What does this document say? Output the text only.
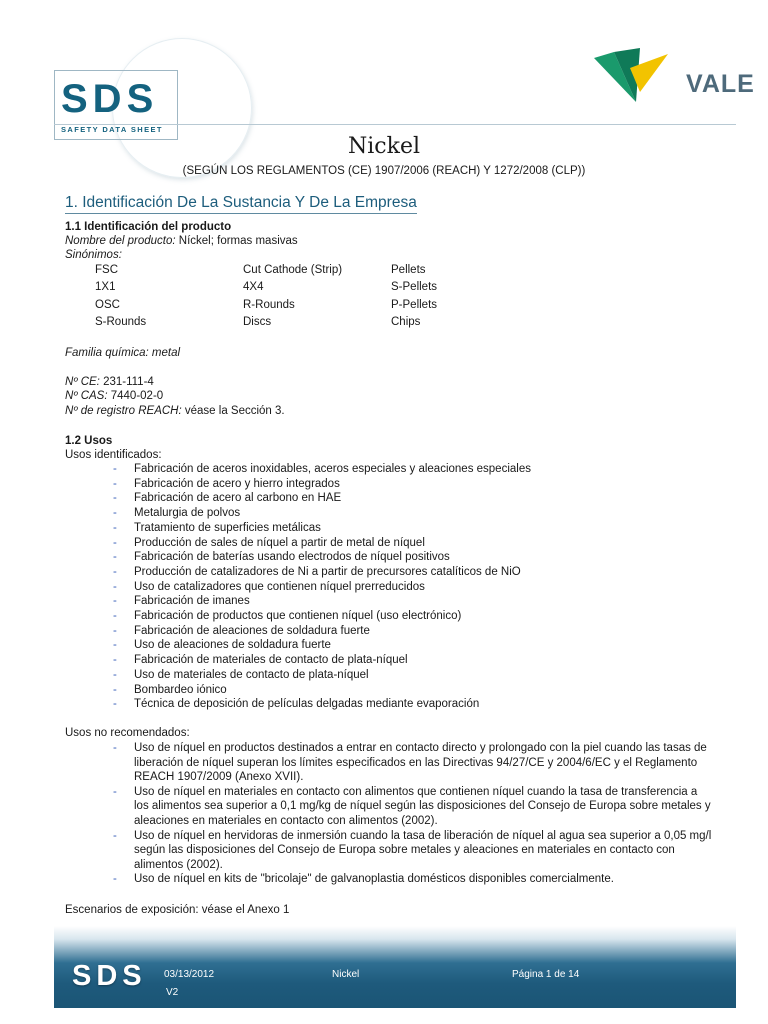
SDS
SAFETY DATA SHEET
VALE
Nickel
(SEGÚN LOS REGLAMENTOS (CE) 1907/2006 (REACH) Y 1272/2008 (CLP))
1. Identificación De La Sustancia Y De La Empresa
1.1 Identificación del producto
Nombre del producto: Níckel; formas masivas
Sinónimos:
FSC	Cut Cathode (Strip)	Pellets
1X1	4X4	S-Pellets
OSC	R-Rounds	P-Pellets
S-Rounds	Discs	Chips
Familia química: metal
Nº CE: 231-111-4
Nº CAS: 7440-02-0
Nº de registro REACH: véase la Sección 3.
1.2 Usos
Usos identificados:
- Fabricación de aceros inoxidables, aceros especiales y aleaciones especiales
- Fabricación de acero y hierro integrados
- Fabricación de acero al carbono en HAE
- Metalurgia de polvos
- Tratamiento de superficies metálicas
- Producción de sales de níquel a partir de metal de níquel
- Fabricación de baterías usando electrodos de níquel positivos
- Producción de catalizadores de Ni a partir de precursores catalíticos de NiO
- Uso de catalizadores que contienen níquel prerreducidos
- Fabricación de imanes
- Fabricación de productos que contienen níquel (uso electrónico)
- Fabricación de aleaciones de soldadura fuerte
- Uso de aleaciones de soldadura fuerte
- Fabricación de materiales de contacto de plata-níquel
- Uso de materiales de contacto de plata-níquel
- Bombardeo iónico
- Técnica de deposición de películas delgadas mediante evaporación
Usos no recomendados:
- Uso de níquel en productos destinados a entrar en contacto directo y prolongado con la piel cuando las tasas de liberación de níquel superan los límites especificados en las Directivas 94/27/CE y 2004/6/EC y el Reglamento REACH 1907/2009 (Anexo XVII).
- Uso de níquel en materiales en contacto con alimentos que contienen níquel cuando la tasa de transferencia a los alimentos sea superior a 0,1 mg/kg de níquel según las disposiciones del Consejo de Europa sobre metales y aleaciones en materiales en contacto con alimentos (2002).
- Uso de níquel en hervidoras de inmersión cuando la tasa de liberación de níquel al agua sea superior a 0,05 mg/l según las disposiciones del Consejo de Europa sobre metales y aleaciones en materiales en contacto con alimentos (2002).
- Uso de níquel en kits de "bricolaje" de galvanoplastia domésticos disponibles comercialmente.
Escenarios de exposición: véase el Anexo 1
SDS 03/13/2012
V2
Nickel	Página 1 de 14
